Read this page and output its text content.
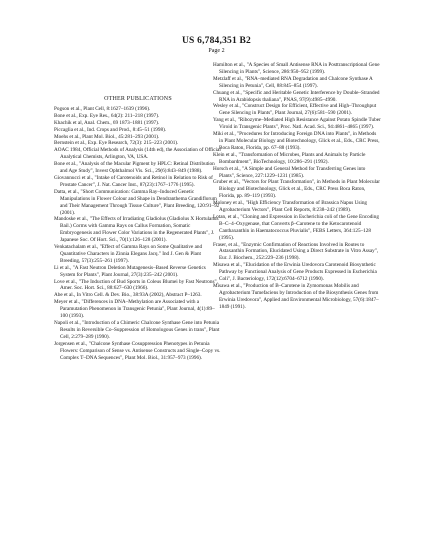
US 6,784,351 B2
Page 2
OTHER PUBLICATIONS

Pogson et al., Plant Cell, 8:1627–1639 (1996).

Bone et al., Exp. Eye Res., 64(2): 211–218 (1997).

Khachik et al, Anal. Chem., 69 1873–1881 (1997).

Piccaglia et al., Ind. Crops and Prod., 8:45–51 (1998).

Moehs et al., Plant Mol. Biol., 45:281–293 (2001).

Bernstein et al., Exp. Eye Research, 72(3): 215–223 (2001).

AOAC 1984, Official Methods of Analysis (14th ed), the Association of Official Analytical Chemists, Arlington, VA, USA.

Bone et al., "Analysis of the Macular Pigment by HPLC: Retinal Distribution and Age Study", Invest Ophthalmol Vis. Sci., 29(6):843–849 (1988).

Giovannucci et al., "Intake of Carotenoids and Retinol in Relation to Risk of Prostate Cancer", J. Nat. Cancer Inst., 87(23):1767–1776 (1995).

Datta, et al., "Short Communication: Gamma Ray–Induced Genetic Manipulations in Flower Colour and Shape in Dendranthema Grandiflorum and Their Management Through Tissue Culture", Plant Breeding, 120:91–92 (2001).

Mandoske et al., "The Effects of Irradiating Gladiolus (Gladiolus X Hortulanus Bail.) Corms with Gamma Rays on Callus Formation, Somatic Embryogenesis and Flower Color Variations in the Regenerated Plants", J. Japanese Soc. Of Hort. Sci., 70(1):126–128 (2001).

Venkatachalam et al., "Effect of Gamma Rays on Some Qualitative and Quantitative Characters in Zinnia Elegans Jacq." Ind J. Gen & Plant Breeding, 57(3):255–261 (1997).

Li et al., "A Fast Neutron Deletion Mutagenesis–Based Reverse Genetics System for Plants", Plant Journal, 27(3):235–242 (2001).

Love et al., "The Induction of Bud Sports in Coleus Blumei by Fast Neutrons", Amer. Soc. Hort. Sci., 88:627–630 (1966).

Abe et al., In Vitro Cell. & Dev. Bio., 38:93A (2002), Abstract P–1263.

Meyer et al., "Differences in DNA–Methylation are Associated with a Paramutation Phenomenon in Transgenic Petunia", Plant Journal, 4(1):89–100 (1993).

Napoli et al., "Introduction of a Chimeric Chalcone Synthase Gene into Petunia Results in Reversible Co–Suppression of Homologous Genes in trans", Plant Cell, 2:279–289 (1990).

Jorgensen et al., "Chalcone Synthase Cosuppression Phenotypes in Petunia Flowers: Comparison of Sense vs. Antisense Constructs and Single–Copy vs. Complex T–DNA Sequences", Plant Mol. Biol., 31:957–973 (1996).

Hamilton et al., "A Species of Small Antisense RNA in Posttranscriptional Gene Silencing in Plants", Science, 286:950–952 (1999).

Metzlaff et al., "RNA–mediated RNA Degradation and Chalcone Synthase A Silencing in Petunia", Cell, 88:845–854 (1997).

Chuang et al., "Specific and Heritable Genetic Interference by Double–Stranded RNA in Arabidopsis thaliana", PNAS, 97(9):4985–4990.

Wesley et al., "Construct Design for Efficient, Effective and High–Throughput Gene Silencing in Plants", Plant Journal, 27(6):581–590 (2001).

Yang et al., "Ribozyme–Mediated High Resistance Against Potato Spindle Tuber Viroid in Transgenic Plants", Proc. Natl. Acad. Sci., 94:4861–4865 (1997).

Miki et al., "Procedures for Introducing Foreign DNA into Plants", in Methods in Plant Molecular Biology and Biotechnology, Glick et al., Eds., CRC Press, Boca Raton, Florida, pp. 67–88 (1993).

Klein et al., "Transformation of Microbes, Plants and Animals by Particle Bombardment", BioTechnology, 10:286–291 (1992).

Horsch et al., "A Simple and General Method for Transferring Genes into Plants", Science, 227:1229–1231 (1985).

Gruber et al., "Vectors for Plant Transformation", in Methods in Plant Molecular Biology and Biotechnology, Glick et al., Eds., CRC Press Boca Raton, Florida, pp. 89–119 (1993).

Moloney et al., "High Efficiency Transformation of Brassica Napus Using Agrobacterium Vectors", Plant Cell Reports, 8:238–242 (1989).

Lotan, et al., "Cloning and Expression in Escherichia coli of the Gene Encoding B–C–4–Oxygenase, that Converts β–Carotene to the Ketocarotenoid Canthaxanthin in Haematococcus Pluvialis", FEBS Letters, 364:125–128 (1995).

Fraser, et al., "Enzymic Confirmation of Reactions Involved in Routes to Astaxanthin Formation, Elucidated Using a Direct Substrate in Vitro Assay", Eur. J. Biochem., 252:229–236 (1998).

Misawa et al., "Elucidation of the Erwinia Uredovora Carotenoid Biosynthetic Pathway by Functional Analysis of Gene Products Expressed in Escherichia Coli", J. Bacteriology, 172(12):6704–6712 (1990).

Misawa et al., "Production of B–Carotene in Zymomonas Mobilis and Agrobacterium Tumefaciens by Introduction of the Biosynthesis Genes from Erwinia Uredovora", Applied and Environmental Microbiology, 57(6):1847–1849 (1991).
